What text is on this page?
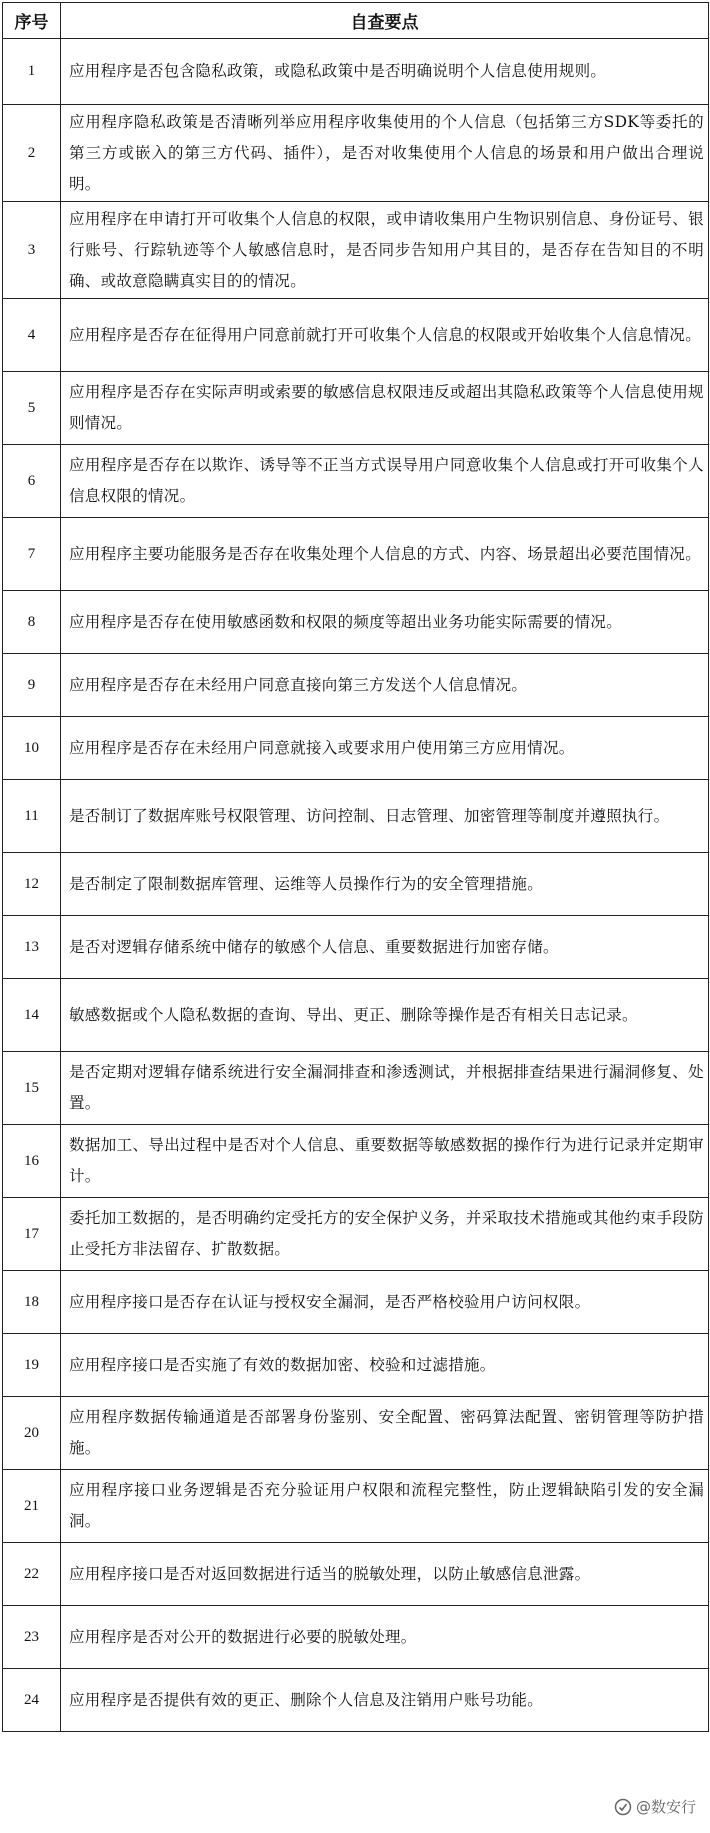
序号	自查要点
1	应用程序是否包含隐私政策，或隐私政策中是否明确说明个人信息使用规则。
2	应用程序隐私政策是否清晰列举应用程序收集使用的个人信息（包括第三方SDK等委托的第三方或嵌入的第三方代码、插件），是否对收集使用个人信息的场景和用户做出合理说明。
3	应用程序在申请打开可收集个人信息的权限，或申请收集用户生物识别信息、身份证号、银行账号、行踪轨迹等个人敏感信息时，是否同步告知用户其目的，是否存在告知目的不明确、或故意隐瞒真实目的的情况。
4	应用程序是否存在征得用户同意前就打开可收集个人信息的权限或开始收集个人信息情况。
5	应用程序是否存在实际声明或索要的敏感信息权限违反或超出其隐私政策等个人信息使用规则情况。
6	应用程序是否存在以欺诈、诱导等不正当方式误导用户同意收集个人信息或打开可收集个人信息权限的情况。
7	应用程序主要功能服务是否存在收集处理个人信息的方式、内容、场景超出必要范围情况。
8	应用程序是否存在使用敏感函数和权限的频度等超出业务功能实际需要的情况。
9	应用程序是否存在未经用户同意直接向第三方发送个人信息情况。
10	应用程序是否存在未经用户同意就接入或要求用户使用第三方应用情况。
11	是否制订了数据库账号权限管理、访问控制、日志管理、加密管理等制度并遵照执行。
12	是否制定了限制数据库管理、运维等人员操作行为的安全管理措施。
13	是否对逻辑存储系统中储存的敏感个人信息、重要数据进行加密存储。
14	敏感数据或个人隐私数据的查询、导出、更正、删除等操作是否有相关日志记录。
15	是否定期对逻辑存储系统进行安全漏洞排查和渗透测试，并根据排查结果进行漏洞修复、处置。
16	数据加工、导出过程中是否对个人信息、重要数据等敏感数据的操作行为进行记录并定期审计。
17	委托加工数据的，是否明确约定受托方的安全保护义务，并采取技术措施或其他约束手段防止受托方非法留存、扩散数据。
18	应用程序接口是否存在认证与授权安全漏洞，是否严格校验用户访问权限。
19	应用程序接口是否实施了有效的数据加密、校验和过滤措施。
20	应用程序数据传输通道是否部署身份鉴别、安全配置、密码算法配置、密钥管理等防护措施。
21	应用程序接口业务逻辑是否充分验证用户权限和流程完整性，防止逻辑缺陷引发的安全漏洞。
22	应用程序接口是否对返回数据进行适当的脱敏处理，以防止敏感信息泄露。
23	应用程序是否对公开的数据进行必要的脱敏处理。
24	应用程序是否提供有效的更正、删除个人信息及注销用户账号功能。
@数安行
